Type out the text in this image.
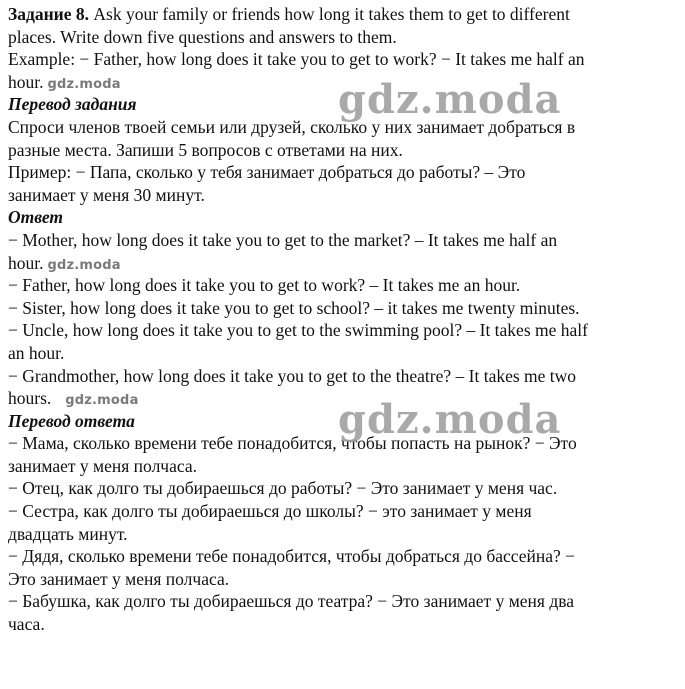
Задание 8. Ask your family or friends how long it takes them to get to different
places. Write down five questions and answers to them.
Example: − Father, how long does it take you to get to work? − It takes me half an
hour. gdz.moda
Перевод задания
Спроси членов твоей семьи или друзей, сколько у них занимает добраться в
разные места. Запиши 5 вопросов с ответами на них.
Пример: − Папа, сколько у тебя занимает добраться до работы? – Это
занимает у меня 30 минут.
Ответ
− Mother, how long does it take you to get to the market? – It takes me half an
hour. gdz.moda
− Father, how long does it take you to get to work? – It takes me an hour.
− Sister, how long does it take you to get to school? – it takes me twenty minutes.
− Uncle, how long does it take you to get to the swimming pool? – It takes me half
an hour.
− Grandmother, how long does it take you to get to the theatre? – It takes me two
hours. gdz.moda
Перевод ответа
− Мама, сколько времени тебе понадобится, чтобы попасть на рынок? − Это
занимает у меня полчаса.
− Отец, как долго ты добираешься до работы? − Это занимает у меня час.
− Сестра, как долго ты добираешься до школы? − это занимает у меня
двадцать минут.
− Дядя, сколько времени тебе понадобится, чтобы добраться до бассейна? −
Это занимает у меня полчаса.
− Бабушка, как долго ты добираешься до театра? − Это занимает у меня два
часа.
gdz.moda
gdz.moda
